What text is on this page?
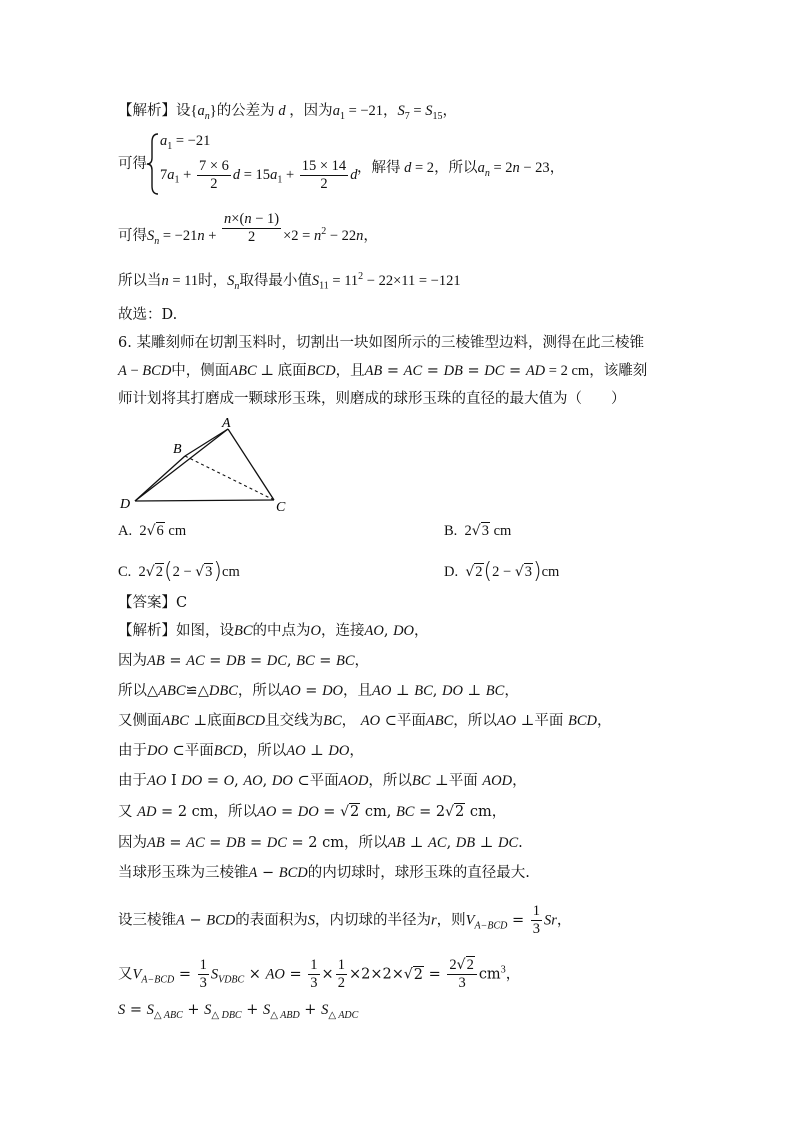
【解析】设$\{a_n\}$的公差为 d ，因为$a_1 = -21$，$S_7 = S_{15}$，
可得
$a_1 = -21$
$7a_1 + \frac{7 \times 6}{2}$ $d = 15a_1 + \frac{15 \times 14}{2}$ d ，解得 d = 2，所以$a_n = 2n - 23$，
可得$S_n = -21n + \frac{n\times(n - 1)}{2} \times 2 = n^2 - 22n$，
所以当n = 11时，$S_n$取得最小值$S_{11} = 11^2 - 22\times 11 = -121$
故选：D.
6. 某雕刻师在切割玉料时，切割出一块如图所示的三棱锥型边料，测得在此三棱锥
A − BCD中，侧面ABC ⊥ 底面BCD，且AB = AC = DB = DC = AD = 2 cm，该雕刻
师计划将其打磨成一颗球形玉珠，则磨成的球形玉珠的直径的最大值为（　　）
A
B
C
D
A.  2√6 cm	B.  2√3 cm
C.  2√2(2 − √3)cm	D. √2(2 − √3)cm
【答案】C
【解析】如图，设BC的中点为O，连接AO, DO，
因为AB = AC = DB = DC, BC = BC，
所以△ABC≌△DBC，所以AO = DO，且AO ⊥ BC, DO ⊥ BC，
又侧面ABC ⊥底面BCD且交线为BC， AO ⊂平面ABC，所以AO ⊥平面 BCD，
由于DO ⊂平面BCD，所以AO ⊥ DO，
由于AO I DO = O, AO, DO ⊂平面AOD，所以BC ⊥平面 AOD，
又 AD = 2 cm，所以AO = DO = √2 cm, BC = 2√2 cm，
因为AB = AC = DB = DC = 2 cm，所以AB ⊥ AC, DB ⊥ DC.
当球形玉珠为三棱锥A − BCD的内切球时，球形玉珠的直径最大.
设三棱锥A − BCD的表面积为S，内切球的半径为r，则$V_{A-BCD} = \frac{1}{3}$ Sr，
又$V_{A-BCD} = \frac{1}{3} S_{VDBC}$ × AO = $\frac{1}{3} \times \frac{1}{2} \times 2\times 2\times√2 = \frac{2√2}{3} cm^3$，
$S = S_{\triangle ABC} + S_{\triangle DBC} + S_{\triangle ABD} + S_{\triangle ADC}$
